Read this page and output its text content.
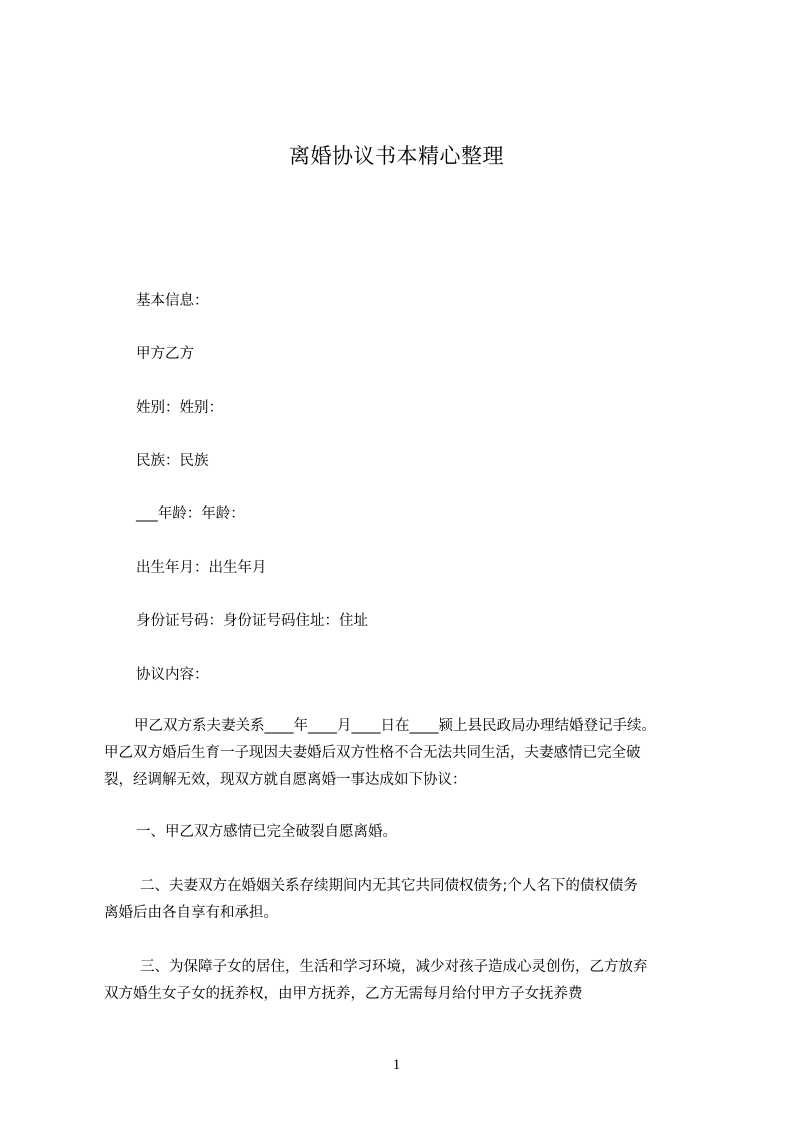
离婚协议书本精心整理
基本信息：
甲方乙方
姓别：姓别：
民族：民族
___年龄：年龄：
出生年月：出生年月
身份证号码：身份证号码住址：住址
协议内容：
甲乙双方系夫妻关系____年____月____日在____颍上县民政局办理结婚登记手续。
甲乙双方婚后生育一子现因夫妻婚后双方性格不合无法共同生活，夫妻感情已完全破
裂，经调解无效，现双方就自愿离婚一事达成如下协议：
一、甲乙双方感情已完全破裂自愿离婚。
二、夫妻双方在婚姻关系存续期间内无其它共同债权债务;个人名下的债权债务
离婚后由各自享有和承担。
三、为保障子女的居住，生活和学习环境，减少对孩子造成心灵创伤，乙方放弃
双方婚生女子女的抚养权，由甲方抚养，乙方无需每月给付甲方子女抚养费
1
